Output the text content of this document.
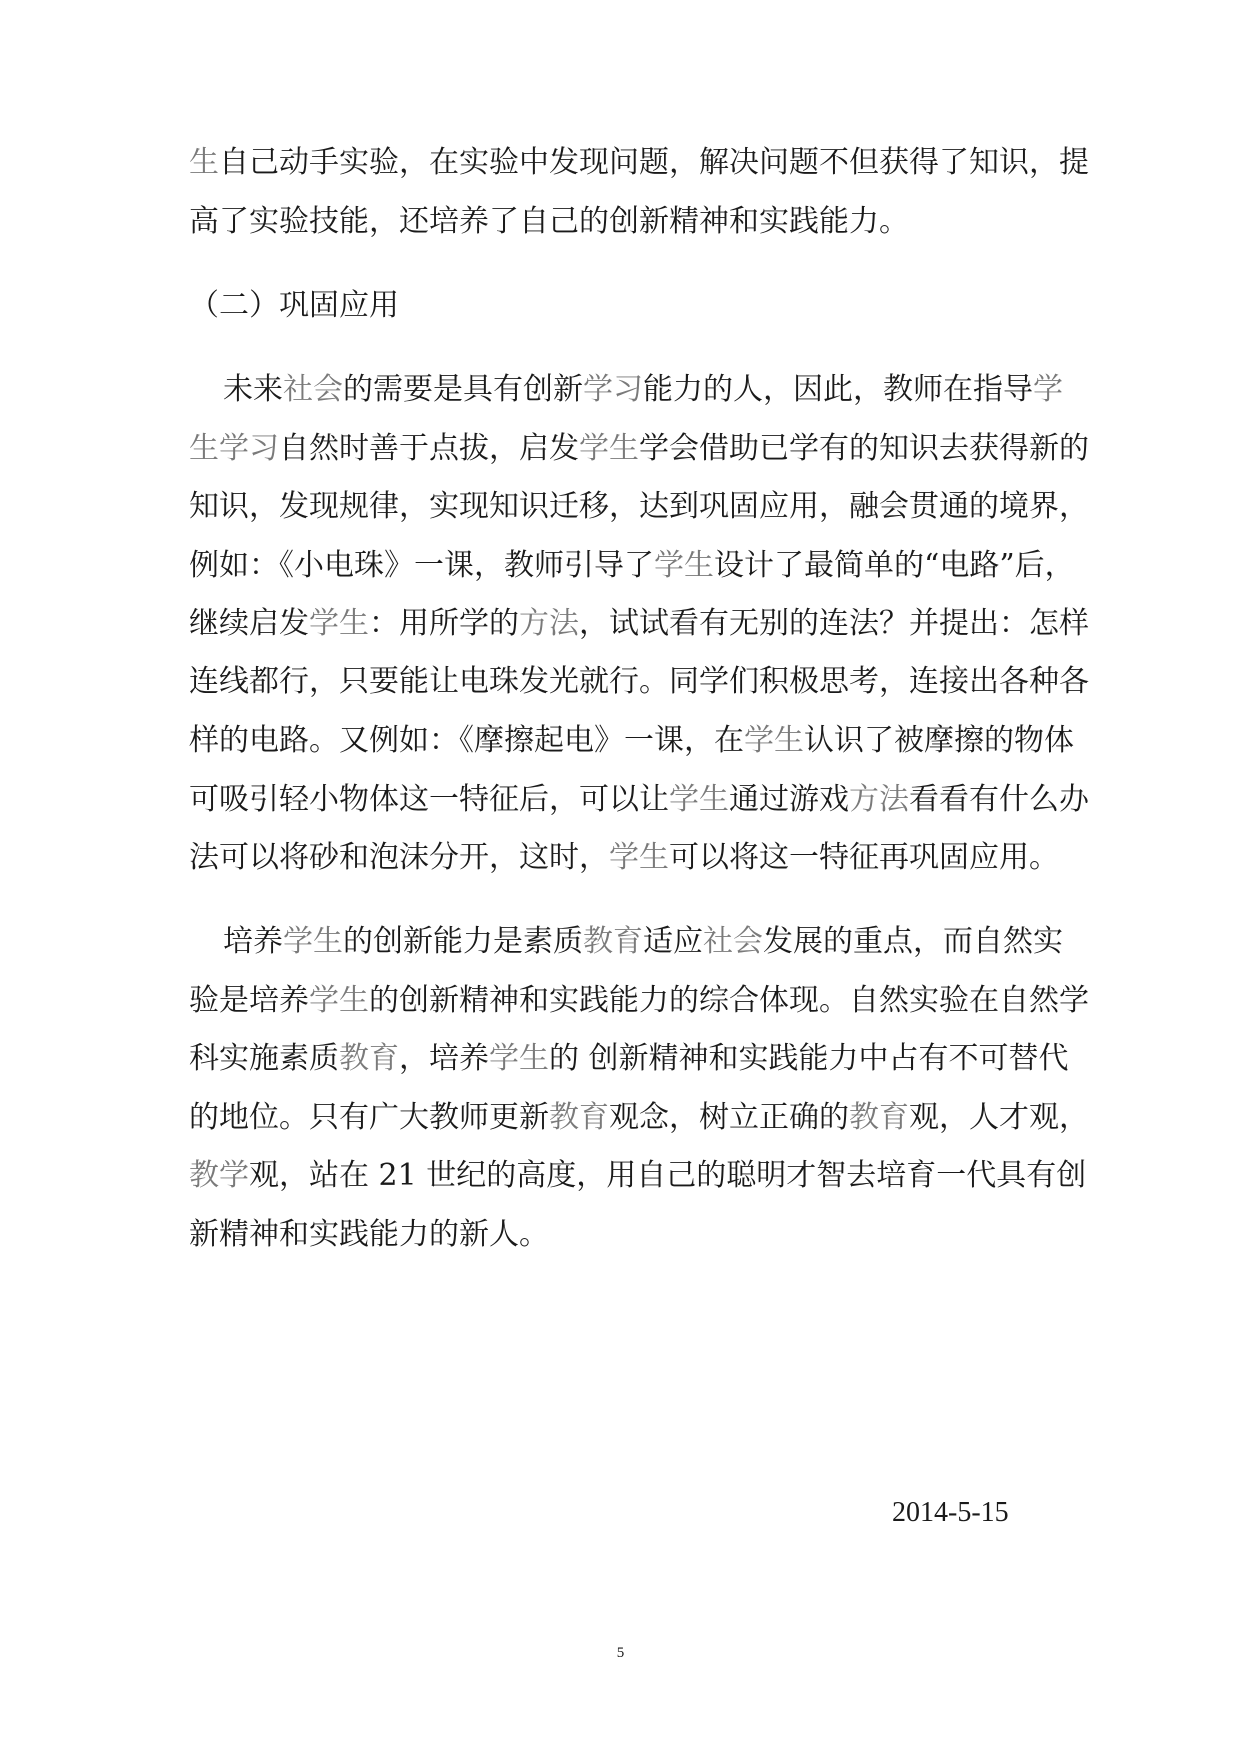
生自己动手实验，在实验中发现问题，解决问题不但获得了知识，提
高了实验技能，还培养了自己的创新精神和实践能力。
（二）巩固应用
未来社会的需要是具有创新学习能力的人，因此，教师在指导学
生学习自然时善于点拔，启发学生学会借助已学有的知识去获得新的
知识，发现规律，实现知识迁移，达到巩固应用，融会贯通的境界，
例如：《小电珠》一课，教师引导了学生设计了最简单的“电路”后，
继续启发学生：用所学的方法，试试看有无别的连法？并提出：怎样
连线都行，只要能让电珠发光就行。同学们积极思考，连接出各种各
样的电路。又例如：《摩擦起电》一课，在学生认识了被摩擦的物体
可吸引轻小物体这一特征后，可以让学生通过游戏方法看看有什么办
法可以将砂和泡沫分开，这时，学生可以将这一特征再巩固应用。
培养学生的创新能力是素质教育适应社会发展的重点，而自然实
验是培养学生的创新精神和实践能力的综合体现。自然实验在自然学
科实施素质教育，培养学生的 创新精神和实践能力中占有不可替代
的地位。只有广大教师更新教育观念，树立正确的教育观，人才观，
教学观，站在 21 世纪的高度，用自己的聪明才智去培育一代具有创
新精神和实践能力的新人。
2014-5-15
5
